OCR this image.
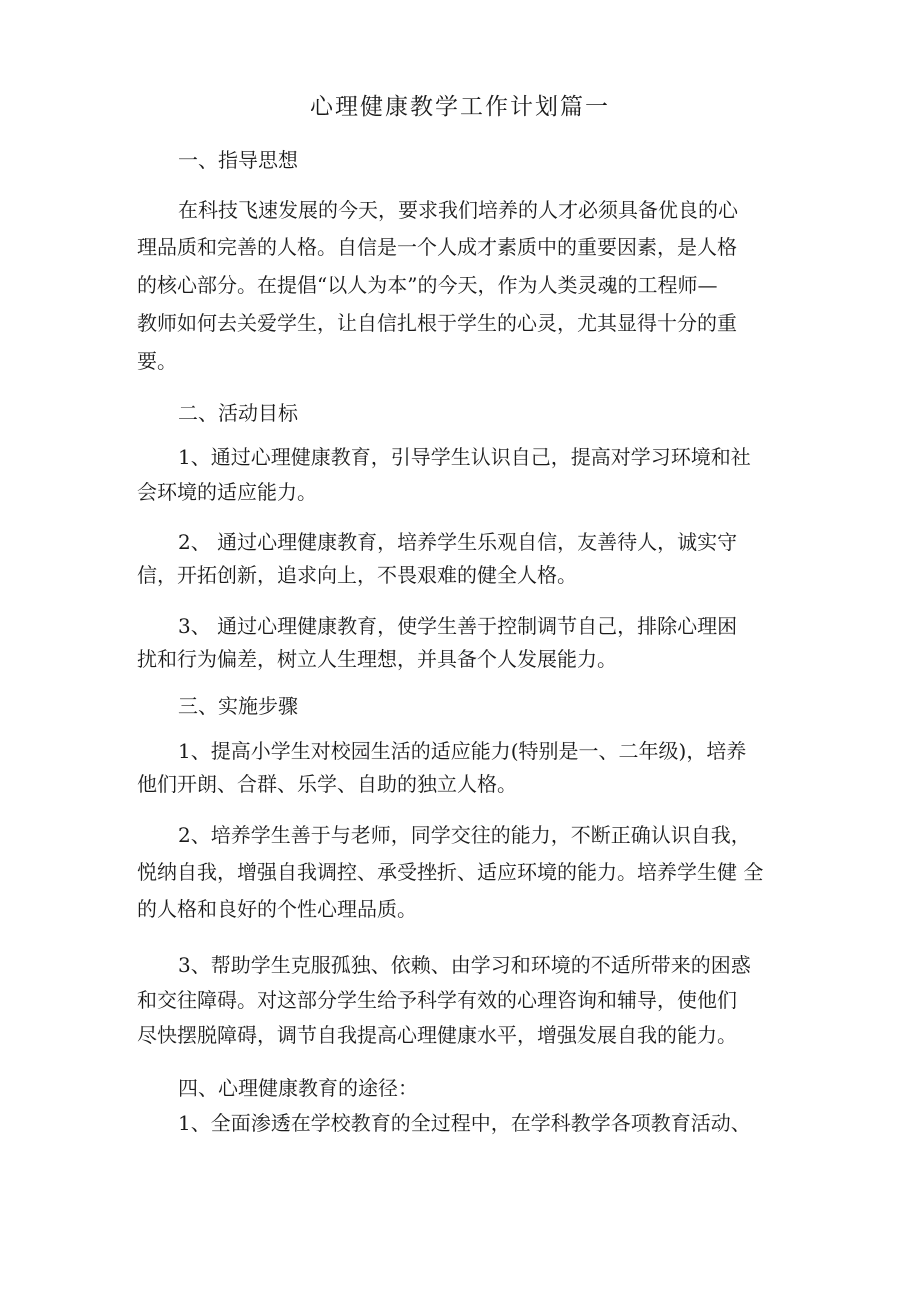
心理健康教学工作计划篇一
一、指导思想

在科技飞速发展的今天，要求我们培养的人才必须具备优良的心

理品质和完善的人格。自信是一个人成才素质中的重要因素，是人格

的核心部分。在提倡“以人为本”的今天，作为人类灵魂的工程师—

教师如何去关爱学生，让自信扎根于学生的心灵，尤其显得十分的重

要。

二、活动目标

1、通过心理健康教育，引导学生认识自己，提高对学习环境和社

会环境的适应能力。

2、 通过心理健康教育，培养学生乐观自信，友善待人，诚实守

信，开拓创新，追求向上，不畏艰难的健全人格。

3、 通过心理健康教育，使学生善于控制调节自己，排除心理困

扰和行为偏差，树立人生理想，并具备个人发展能力。

三、实施步骤

1、提高小学生对校园生活的适应能力(特别是一、二年级)，培养

他们开朗、合群、乐学、自助的独立人格。

2、培养学生善于与老师，同学交往的能力，不断正确认识自我，

悦纳自我，增强自我调控、承受挫折、适应环境的能力。培养学生健 全

的人格和良好的个性心理品质。

3、帮助学生克服孤独、依赖、由学习和环境的不适所带来的困惑

和交往障碍。对这部分学生给予科学有效的心理咨询和辅导，使他们

尽快摆脱障碍，调节自我提高心理健康水平，增强发展自我的能力。

四、心理健康教育的途径：

1、全面渗透在学校教育的全过程中，在学科教学各项教育活动、
